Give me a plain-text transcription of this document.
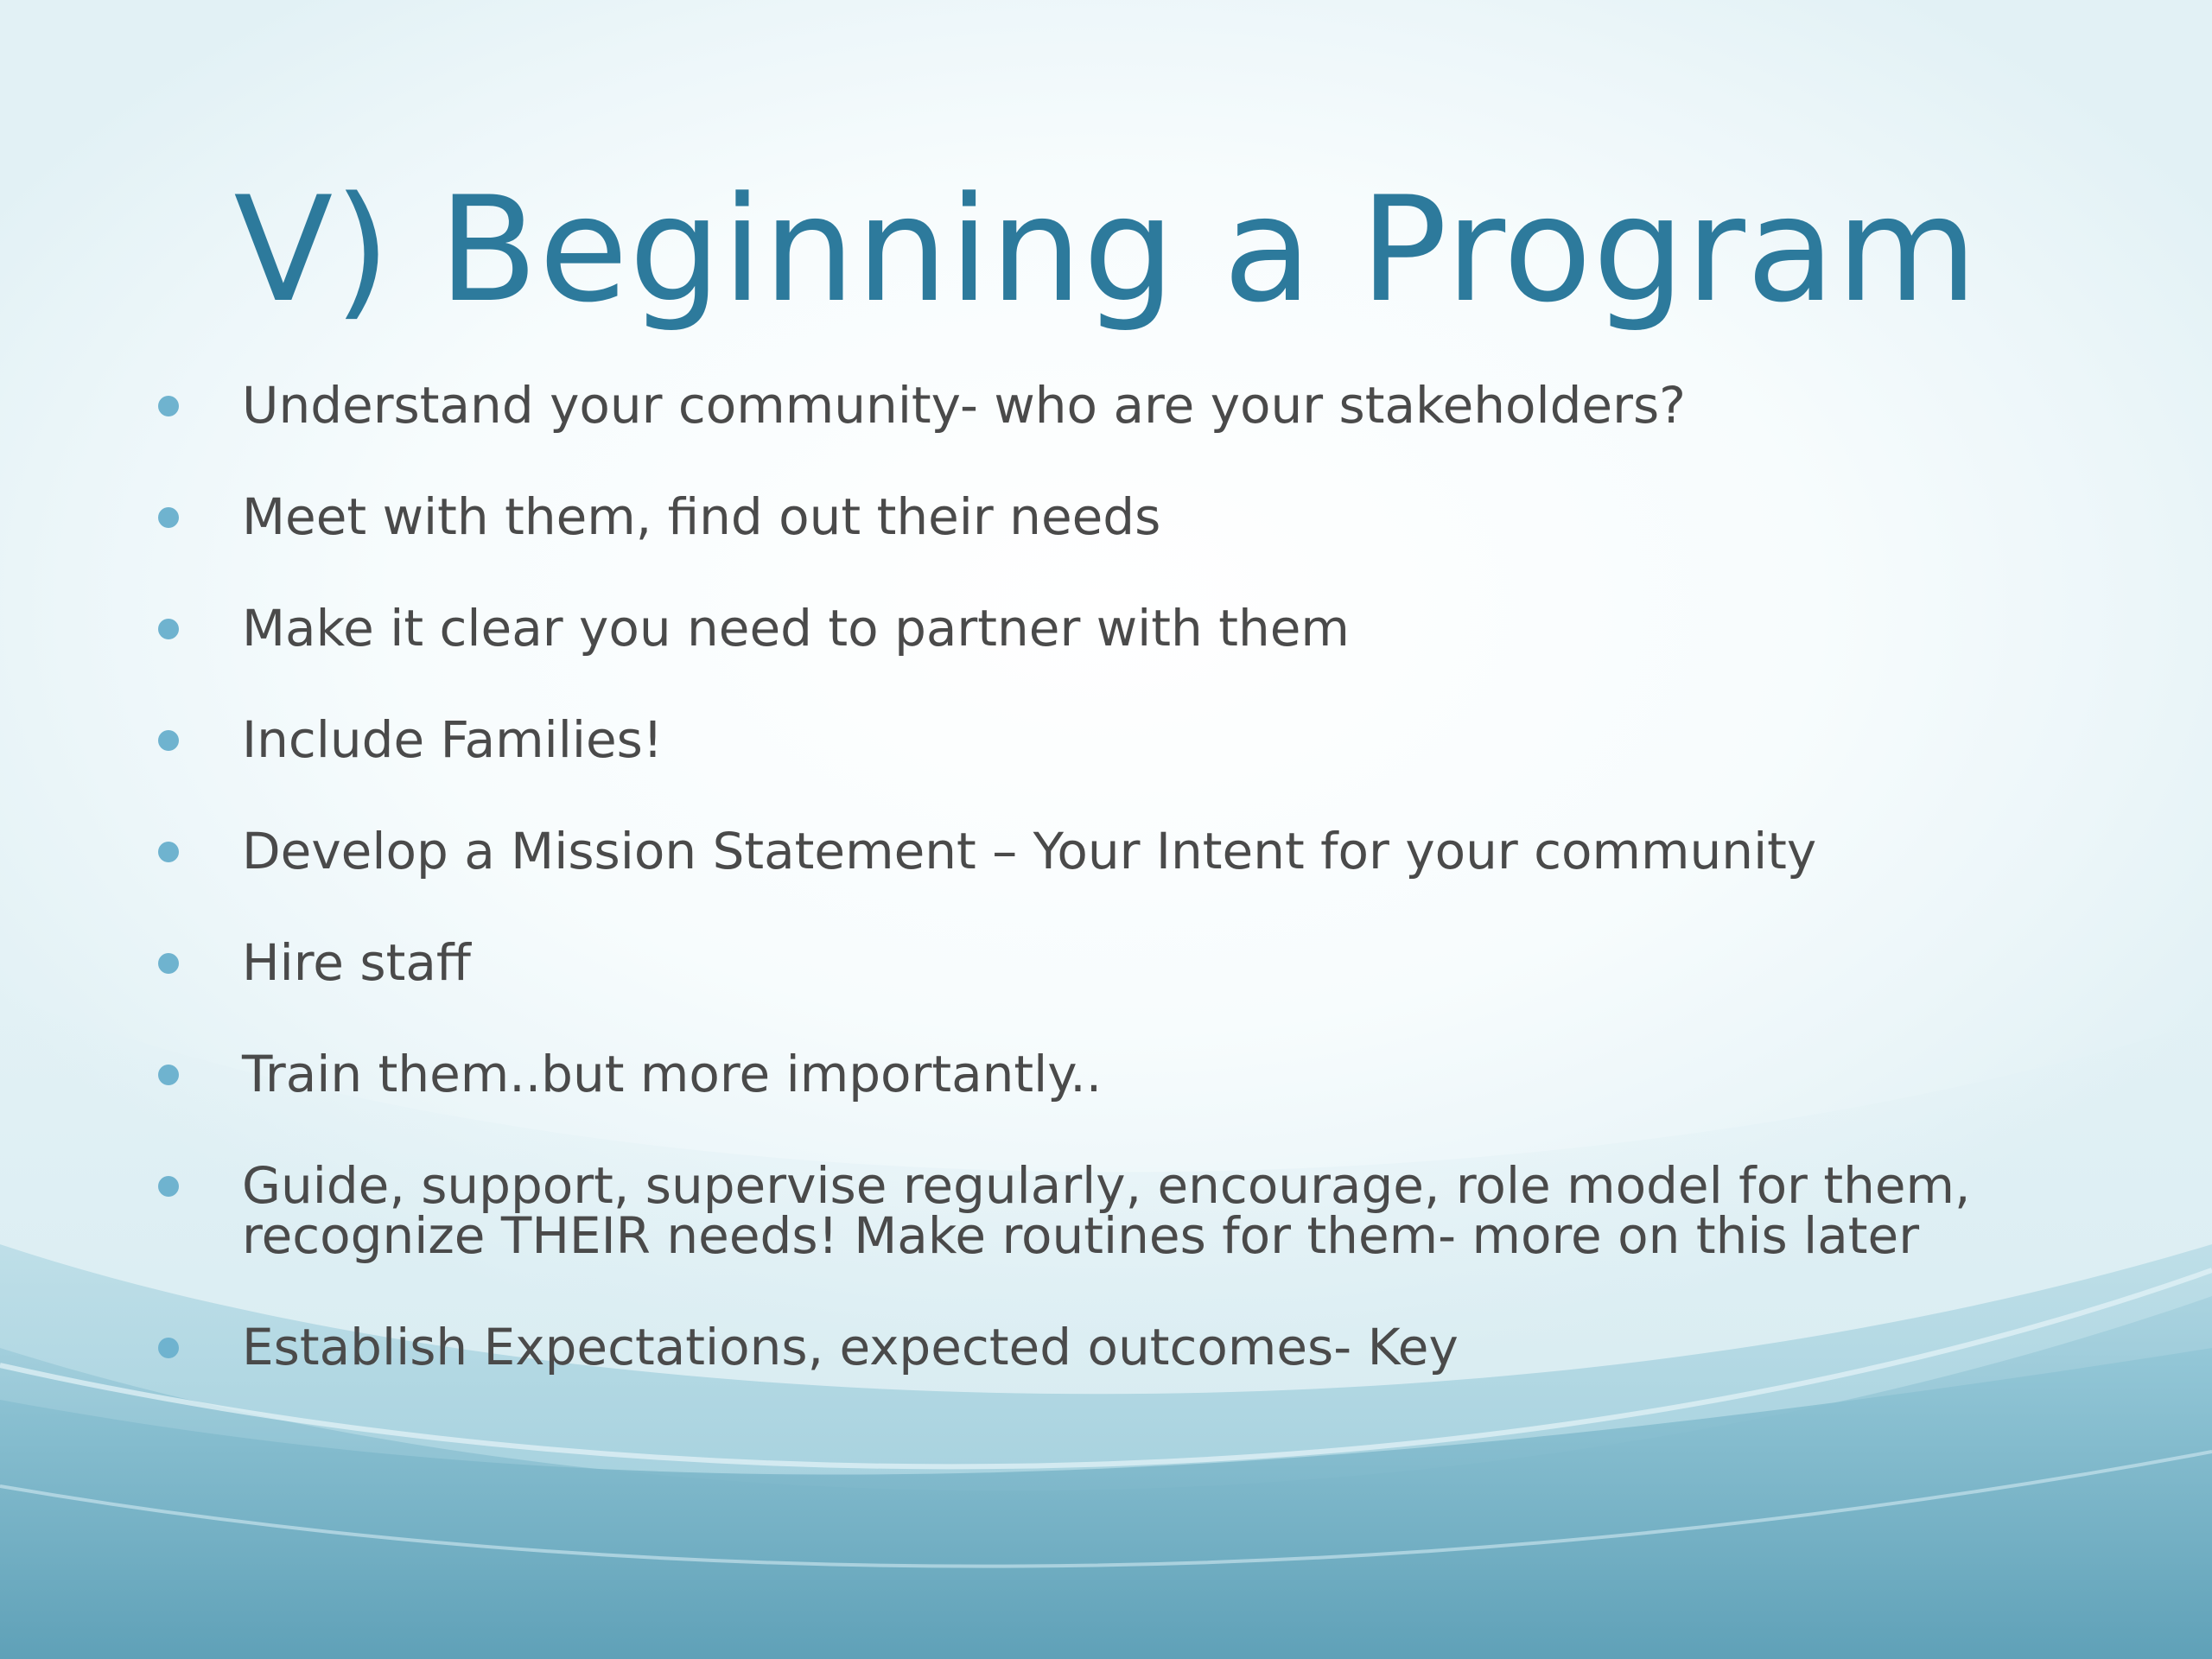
V) Beginning a Program
Understand your community- who are your stakeholders?
Meet with them, find out their needs
Make it clear you need to partner with them
Include Families!
Develop a Mission Statement – Your Intent for your community
Hire staff
Train them..but more importantly..
Guide, support, supervise regularly, encourage, role model for them, recognize THEIR needs! Make routines for them- more on this later
Establish Expectations, expected outcomes- Key
